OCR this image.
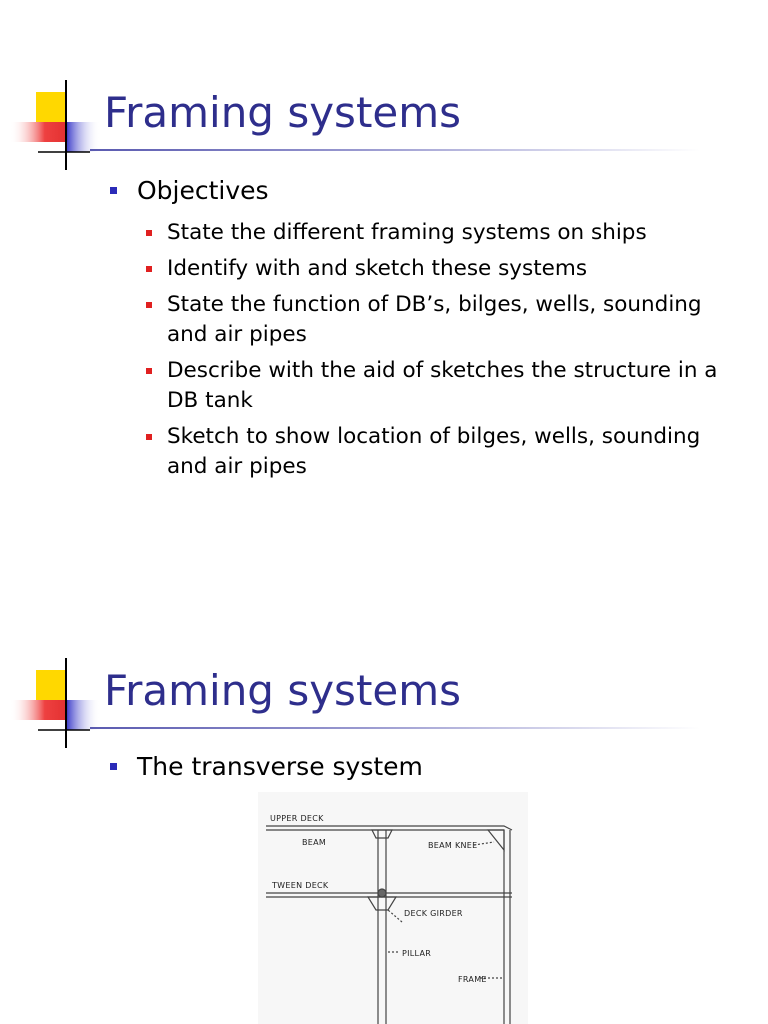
Framing systems
Objectives
State the different framing systems on ships
Identify with and sketch these systems
State the function of DB’s, bilges, wells, sounding and air pipes
Describe with the aid of sketches the structure in a DB tank
Sketch to show location of bilges, wells, sounding and air pipes
Framing systems
The transverse system
UPPER DECK
BEAM	BEAM KNEE
TWEEN DECK
DECK GIRDER
PILLAR
FRAME
